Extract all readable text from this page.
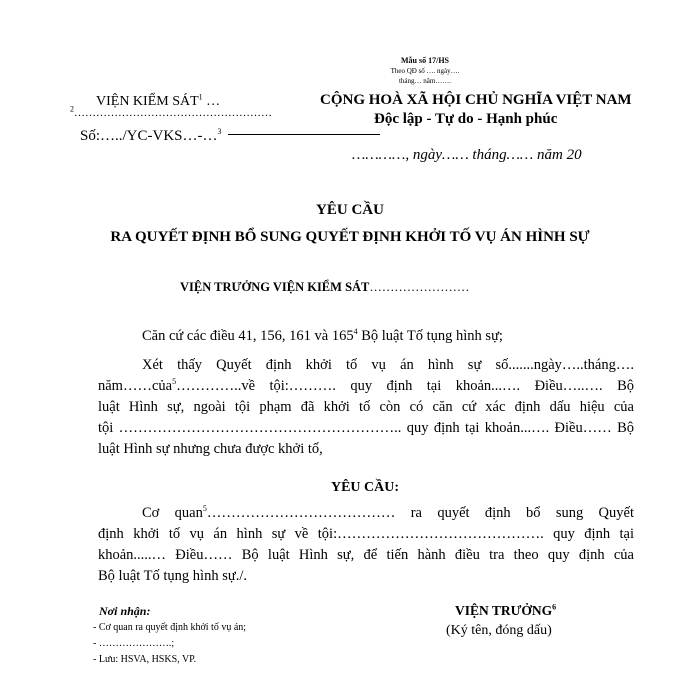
Mẫu số 17/HS
Theo QĐ số …. ngày….
tháng… năm…….
VIỆN KIỂM SÁT$^1$ …
$^2$………………………………………………
Số:…../YC-VKS…-…$^3$
CỘNG HOÀ XÃ HỘI CHỦ NGHĨA VIỆT NAM
Độc lập - Tự do - Hạnh phúc
…………, ngày…… tháng…… năm 20
YÊU CẦU
RA QUYẾT ĐỊNH BỔ SUNG QUYẾT ĐỊNH KHỞI TỐ VỤ ÁN HÌNH SỰ
VIỆN TRƯỞNG VIỆN KIỂM SÁT……………………
Căn cứ các điều 41, 156, 161 và $165^4$ Bộ luật Tố tụng hình sự;
Xét thấy Quyết định khởi tố vụ án hình sự số.......ngày…..tháng….
năm……của$^5$…………..về tội:………. quy định tại khoản...…. Điều…..…. Bộ
luật Hình sự, ngoài tội phạm đã khởi tố còn có căn cứ xác định dấu hiệu của
tội ………………………………………………….. quy định tại khoản...…. Điều…… Bộ
luật Hình sự nhưng chưa được khởi tố,
YÊU CẦU:
Cơ quan$^5$………………………………… ra quyết định bổ sung Quyết
định khởi tố vụ án hình sự về tội:……………………………………. quy định tại
khoản.....… Điều…… Bộ luật Hình sự, để tiến hành điều tra theo quy định của
Bộ luật Tố tụng hình sự./.
Nơi nhận:
- Cơ quan ra quyết định khởi tố vụ án;
- ………………….;
- Lưu: HSVA, HSKS, VP.
VIỆN TRƯỞNG$^6$
(Ký tên, đóng dấu)
